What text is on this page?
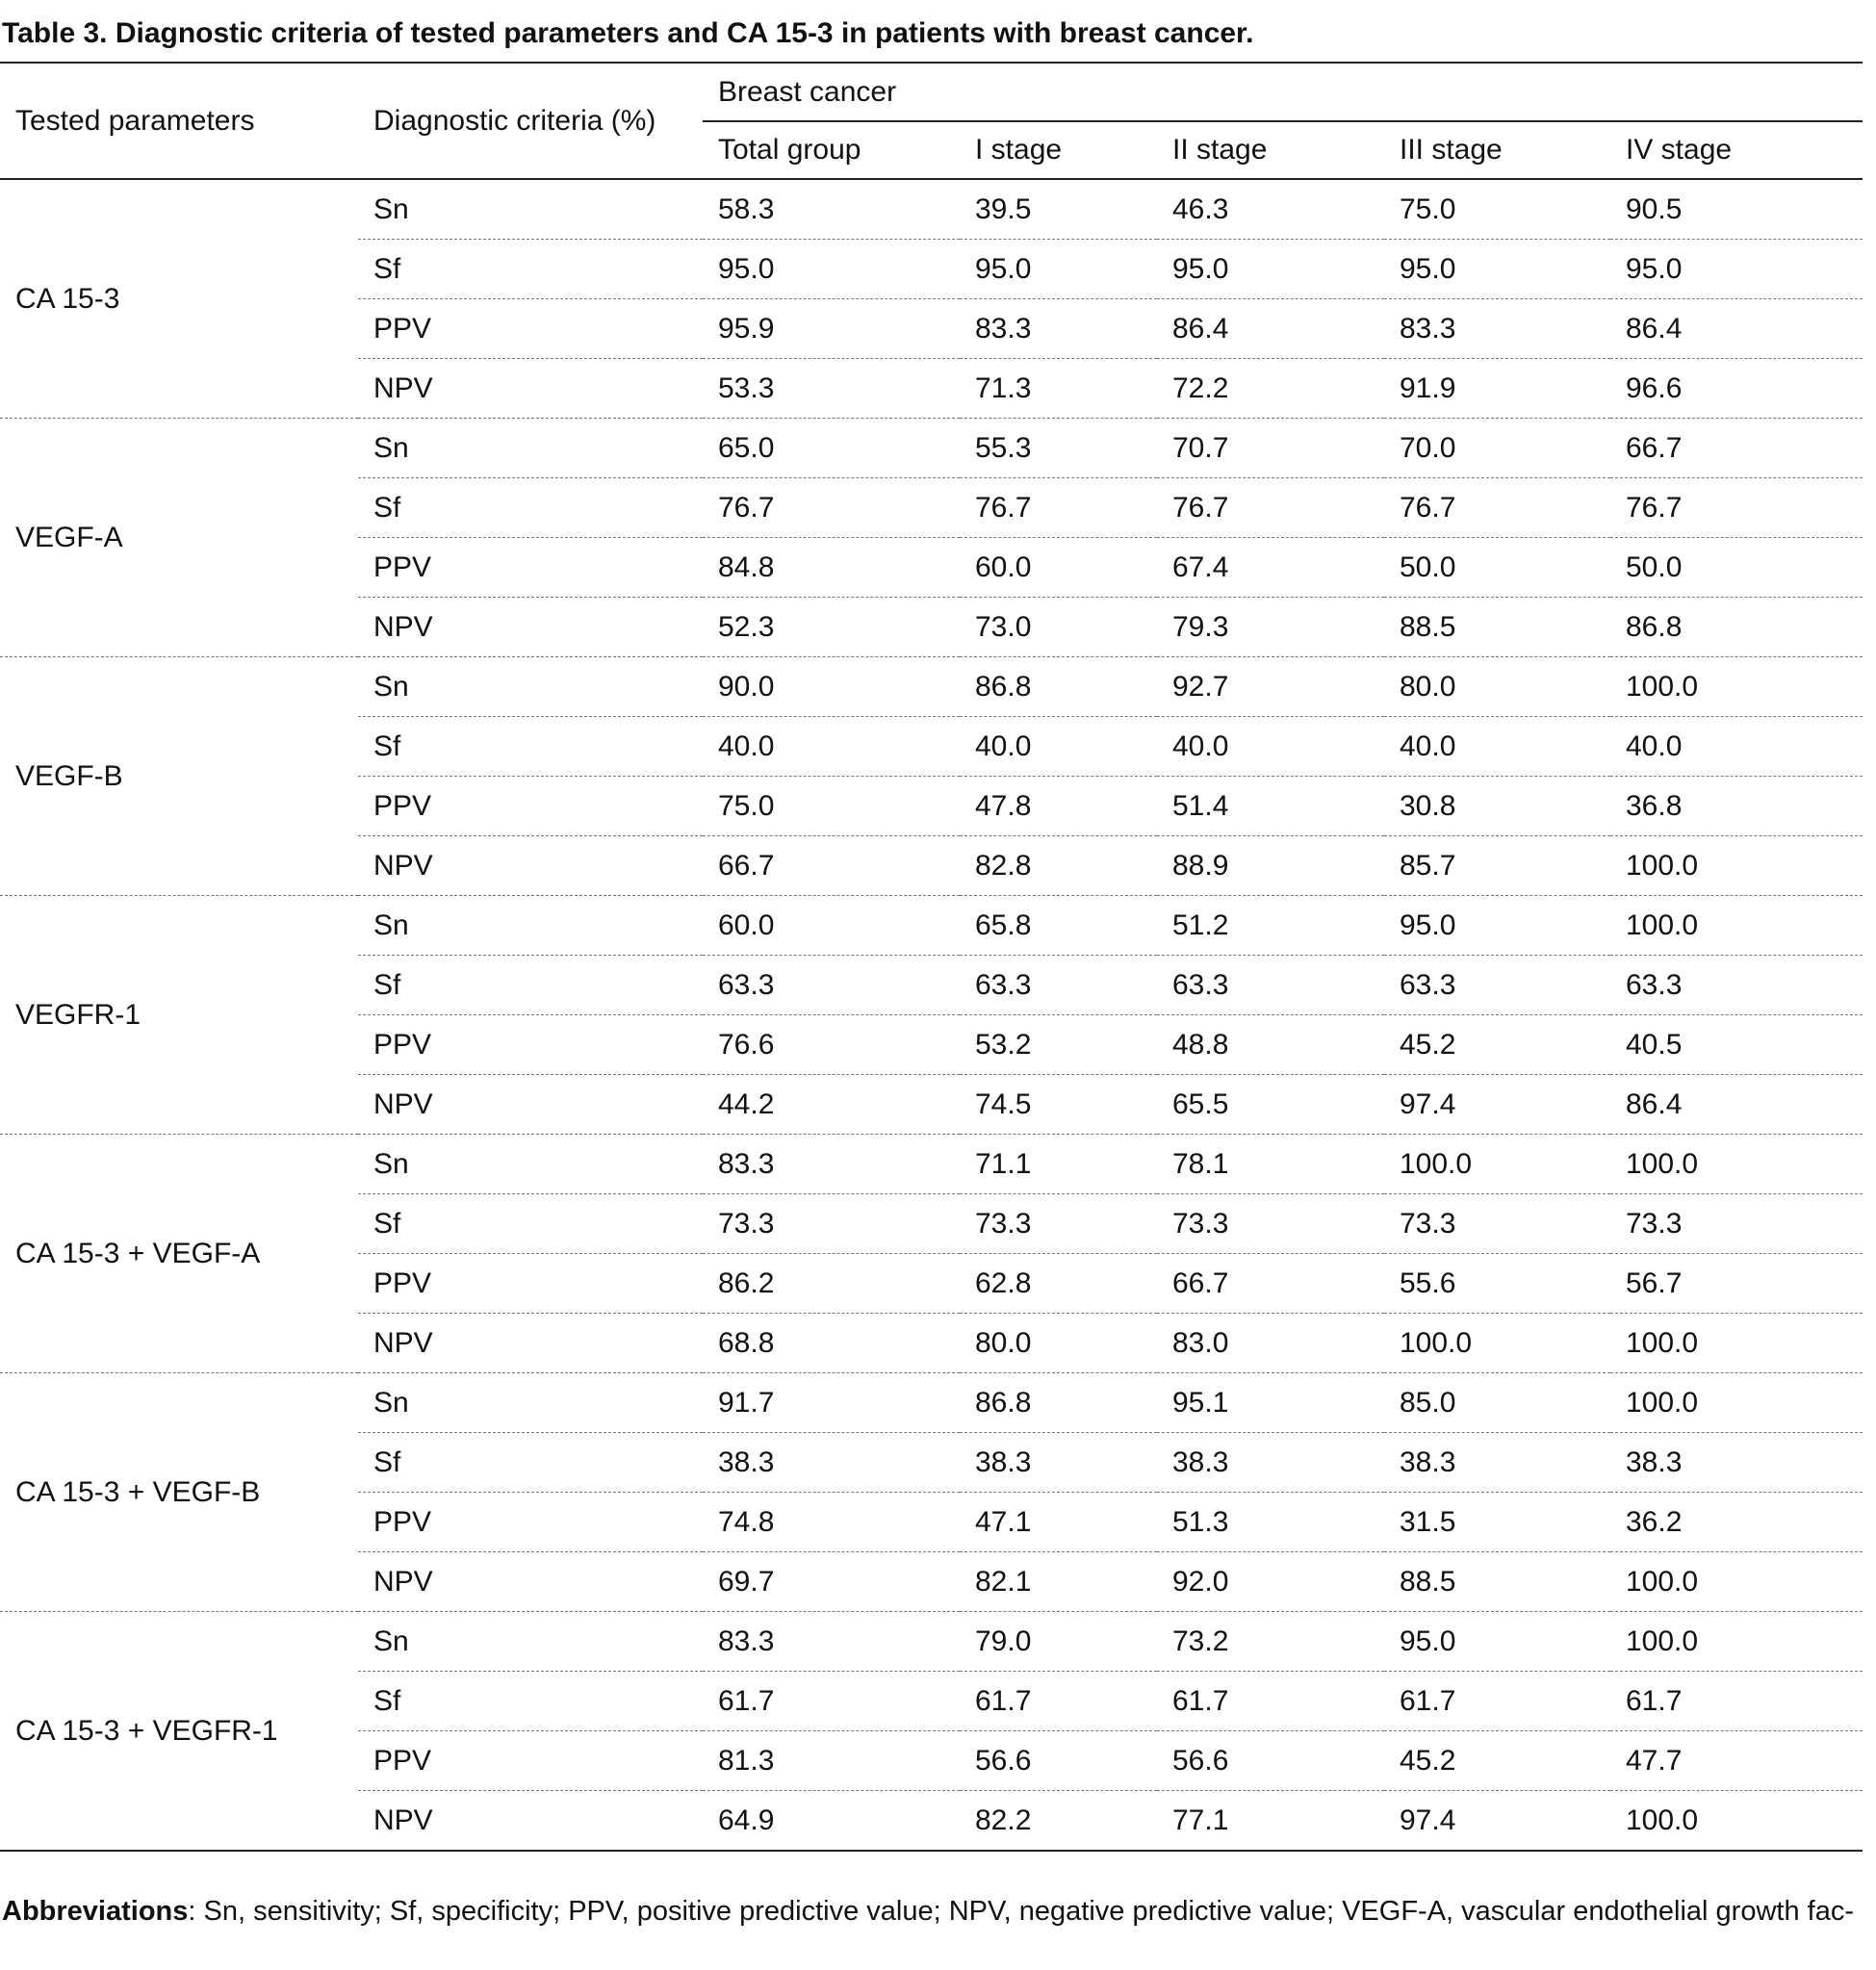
Table 3. Diagnostic criteria of tested parameters and CA 15-3 in patients with breast cancer.
Tested parameters	Diagnostic criteria (%)	Breast cancer				
		Total group	I stage	II stage	III stage	IV stage
CA 15-3	Sn	58.3	39.5	46.3	75.0	90.5
	Sf	95.0	95.0	95.0	95.0	95.0
	PPV	95.9	83.3	86.4	83.3	86.4
	NPV	53.3	71.3	72.2	91.9	96.6
VEGF-A	Sn	65.0	55.3	70.7	70.0	66.7
	Sf	76.7	76.7	76.7	76.7	76.7
	PPV	84.8	60.0	67.4	50.0	50.0
	NPV	52.3	73.0	79.3	88.5	86.8
VEGF-B	Sn	90.0	86.8	92.7	80.0	100.0
	Sf	40.0	40.0	40.0	40.0	40.0
	PPV	75.0	47.8	51.4	30.8	36.8
	NPV	66.7	82.8	88.9	85.7	100.0
VEGFR-1	Sn	60.0	65.8	51.2	95.0	100.0
	Sf	63.3	63.3	63.3	63.3	63.3
	PPV	76.6	53.2	48.8	45.2	40.5
	NPV	44.2	74.5	65.5	97.4	86.4
CA 15-3 + VEGF-A	Sn	83.3	71.1	78.1	100.0	100.0
	Sf	73.3	73.3	73.3	73.3	73.3
	PPV	86.2	62.8	66.7	55.6	56.7
	NPV	68.8	80.0	83.0	100.0	100.0
CA 15-3 + VEGF-B	Sn	91.7	86.8	95.1	85.0	100.0
	Sf	38.3	38.3	38.3	38.3	38.3
	PPV	74.8	47.1	51.3	31.5	36.2
	NPV	69.7	82.1	92.0	88.5	100.0
CA 15-3 + VEGFR-1	Sn	83.3	79.0	73.2	95.0	100.0
	Sf	61.7	61.7	61.7	61.7	61.7
	PPV	81.3	56.6	56.6	45.2	47.7
	NPV	64.9	82.2	77.1	97.4	100.0
Abbreviations: Sn, sensitivity; Sf, specificity; PPV, positive predictive value; NPV, negative predictive value; VEGF-A, vascular endothelial growth fac-
